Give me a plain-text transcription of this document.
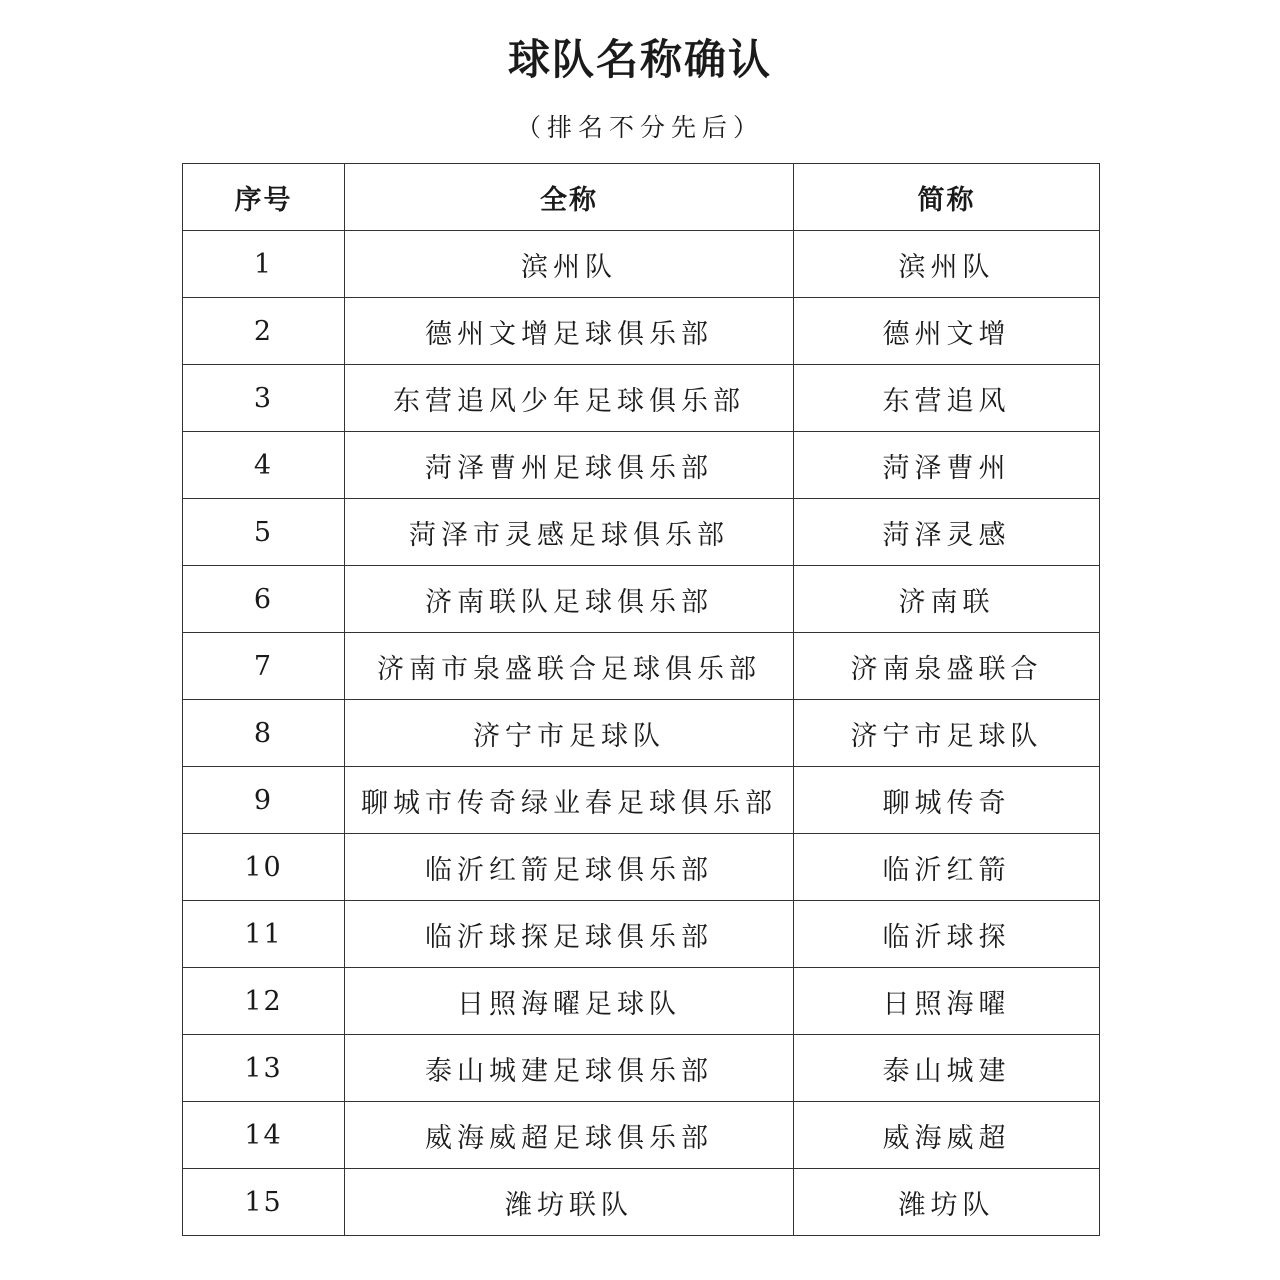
球队名称确认
（排名不分先后）
序号	全称	简称
1	滨州队	滨州队
2	德州文增足球俱乐部	德州文增
3	东营追风少年足球俱乐部	东营追风
4	菏泽曹州足球俱乐部	菏泽曹州
5	菏泽市灵感足球俱乐部	菏泽灵感
6	济南联队足球俱乐部	济南联
7	济南市泉盛联合足球俱乐部	济南泉盛联合
8	济宁市足球队	济宁市足球队
9	聊城市传奇绿业春足球俱乐部	聊城传奇
10	临沂红箭足球俱乐部	临沂红箭
11	临沂球探足球俱乐部	临沂球探
12	日照海曜足球队	日照海曜
13	泰山城建足球俱乐部	泰山城建
14	威海威超足球俱乐部	威海威超
15	潍坊联队	潍坊队
